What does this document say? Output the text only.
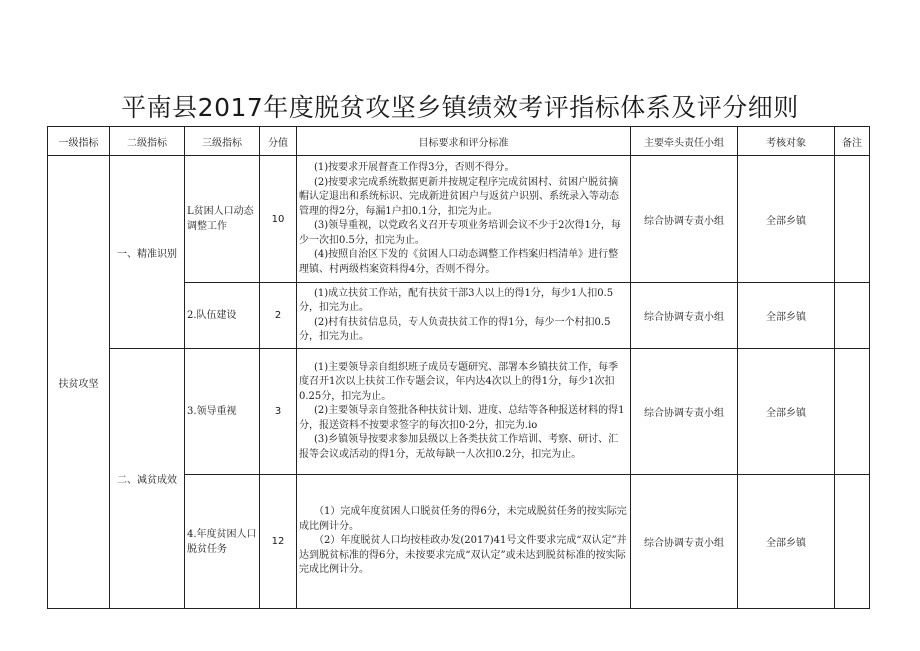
平南县2017年度脱贫攻坚乡镇绩效考评指标体系及评分细则
一级指标	二级指标	三级指标	分值	目标要求和评分标准	主要牵头责任小组	考核对象	备注
扶贫攻坚	一、精准识别	L贫困人口动态调整工作	10	(1)按要求开展督查工作得3分，否则不得分。

(2)按要求完成系统数据更新并按规定程序完成贫困村、贫困户脱贫摘帽认定退出和系统标识、完成新进贫困户与返贫户识别、系统录入等动态管理的得2分，每漏1户扣0.1分，扣完为止。

(3)领导重视，以党政名义召开专项业务培训会议不少于2次得1分，每少一次扣0.5分，扣完为止。

(4)按照自治区下发的《贫困人口动态调整工作档案归档清单》进行整理镇、村两级档案资料得4分，否则不得分。	综合协调专责小组	全部乡镇	
		2.队伍建设	2	(1)成立扶贫工作站，配有扶贫干部3人以上的得1分，每少1人扣0.5分，扣完为止。

(2)村有扶贫信息员，专人负责扶贫工作的得1分，每少一个村扣0.5分，扣完为止。	综合协调专责小组	全部乡镇	
	二、减贫成效	3.领导重视	3	(1)主要领导亲自组织班子成员专题研究、部署本乡镇扶贫工作，每季度召开1次以上扶贫工作专题会议，年内达4次以上的得1分，每少1次扣0.25分，扣完为止。

(2)主要领导亲自签批各种扶贫计划、进度、总结等各种报送材料的得1分，报送资料不按要求签字的每次扣0·2分，扣完为.io

(3)乡镇领导按要求参加县级以上各类扶贫工作培训、考察、研讨、汇报等会议或活动的得1分，无故每缺一人次扣0.2分，扣完为止。	综合协调专责小组	全部乡镇	
		4.年度贫困人口脱贫任务	12	（1）完成年度贫困人口脱贫任务的得6分，未完成脱贫任务的按实际完成比例计分。

（2）年度脱贫人口均按桂政办发(2017)41号文件要求完成“双认定”并达到脱贫标准的得6分，未按要求完成“双认定”或未达到脱贫标准的按实际完成比例计分。	综合协调专责小组	全部乡镇	
